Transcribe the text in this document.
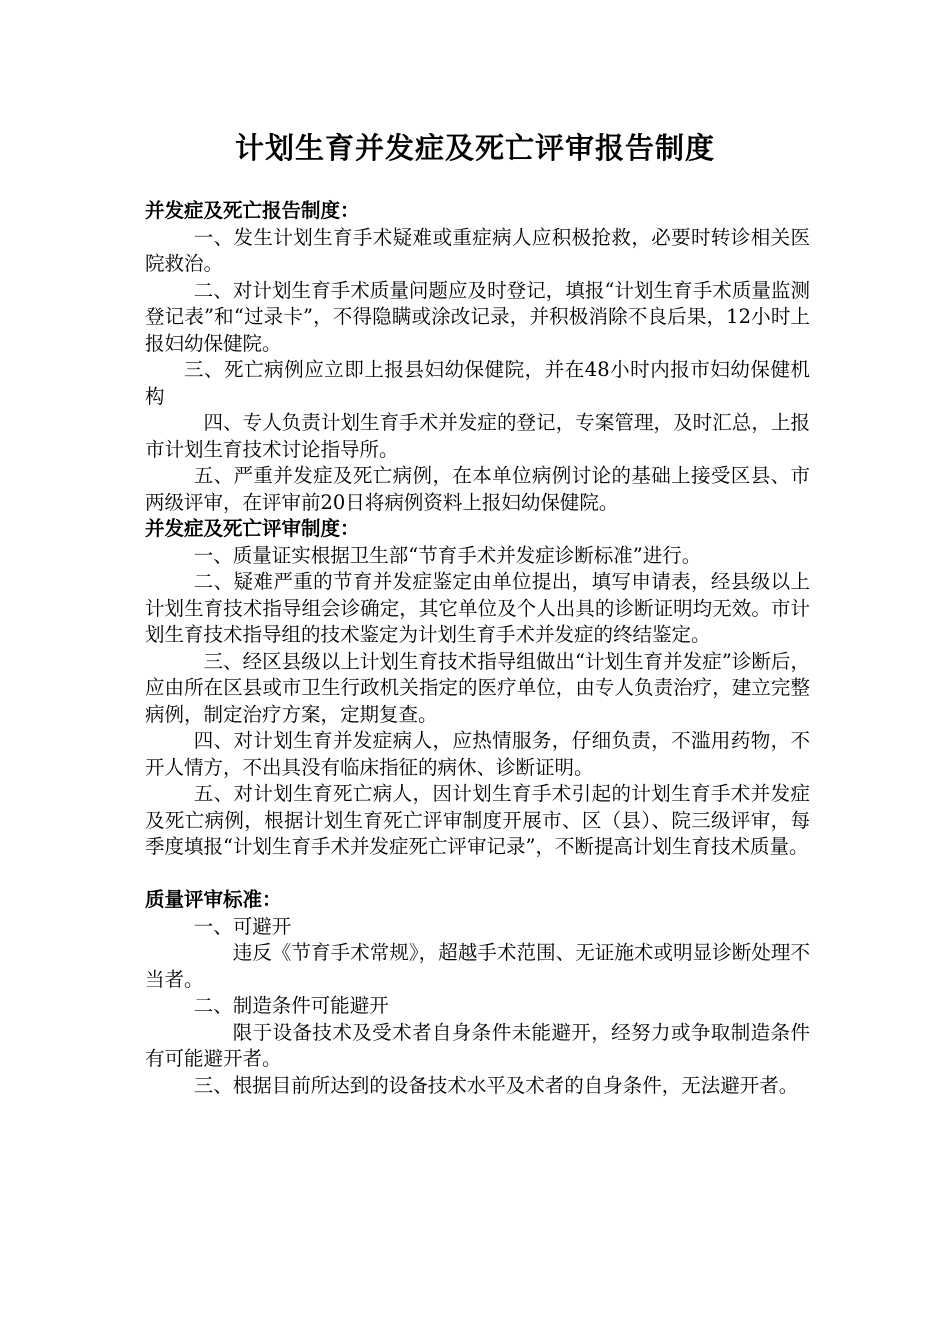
计划生育并发症及死亡评审报告制度

并发症及死亡报告制度：

一、发生计划生育手术疑难或重症病人应积极抢救，必要时转诊相关医院救治。

二、对计划生育手术质量问题应及时登记，填报“计划生育手术质量监测登记表”和“过录卡”，不得隐瞒或涂改记录，并积极消除不良后果，12小时上报妇幼保健院。

三、死亡病例应立即上报县妇幼保健院，并在48小时内报市妇幼保健机构

四、专人负责计划生育手术并发症的登记，专案管理，及时汇总，上报市计划生育技术讨论指导所。

五、严重并发症及死亡病例，在本单位病例讨论的基础上接受区县、市两级评审，在评审前20日将病例资料上报妇幼保健院。

并发症及死亡评审制度：

一、质量证实根据卫生部“节育手术并发症诊断标准”进行。

二、疑难严重的节育并发症鉴定由单位提出，填写申请表，经县级以上计划生育技术指导组会诊确定，其它单位及个人出具的诊断证明均无效。市计划生育技术指导组的技术鉴定为计划生育手术并发症的终结鉴定。

三、经区县级以上计划生育技术指导组做出“计划生育并发症”诊断后，应由所在区县或市卫生行政机关指定的医疗单位，由专人负责治疗，建立完整病例，制定治疗方案，定期复查。

四、对计划生育并发症病人，应热情服务，仔细负责，不滥用药物，不开人情方，不出具没有临床指征的病休、诊断证明。

五、对计划生育死亡病人，因计划生育手术引起的计划生育手术并发症及死亡病例，根据计划生育死亡评审制度开展市、区（县）、院三级评审，每季度填报“计划生育手术并发症死亡评审记录”，不断提高计划生育技术质量。

质量评审标准：

一、可避开

违反《节育手术常规》，超越手术范围、无证施术或明显诊断处理不当者。

二、制造条件可能避开

限于设备技术及受术者自身条件未能避开，经努力或争取制造条件有可能避开者。

三、根据目前所达到的设备技术水平及术者的自身条件，无法避开者。
